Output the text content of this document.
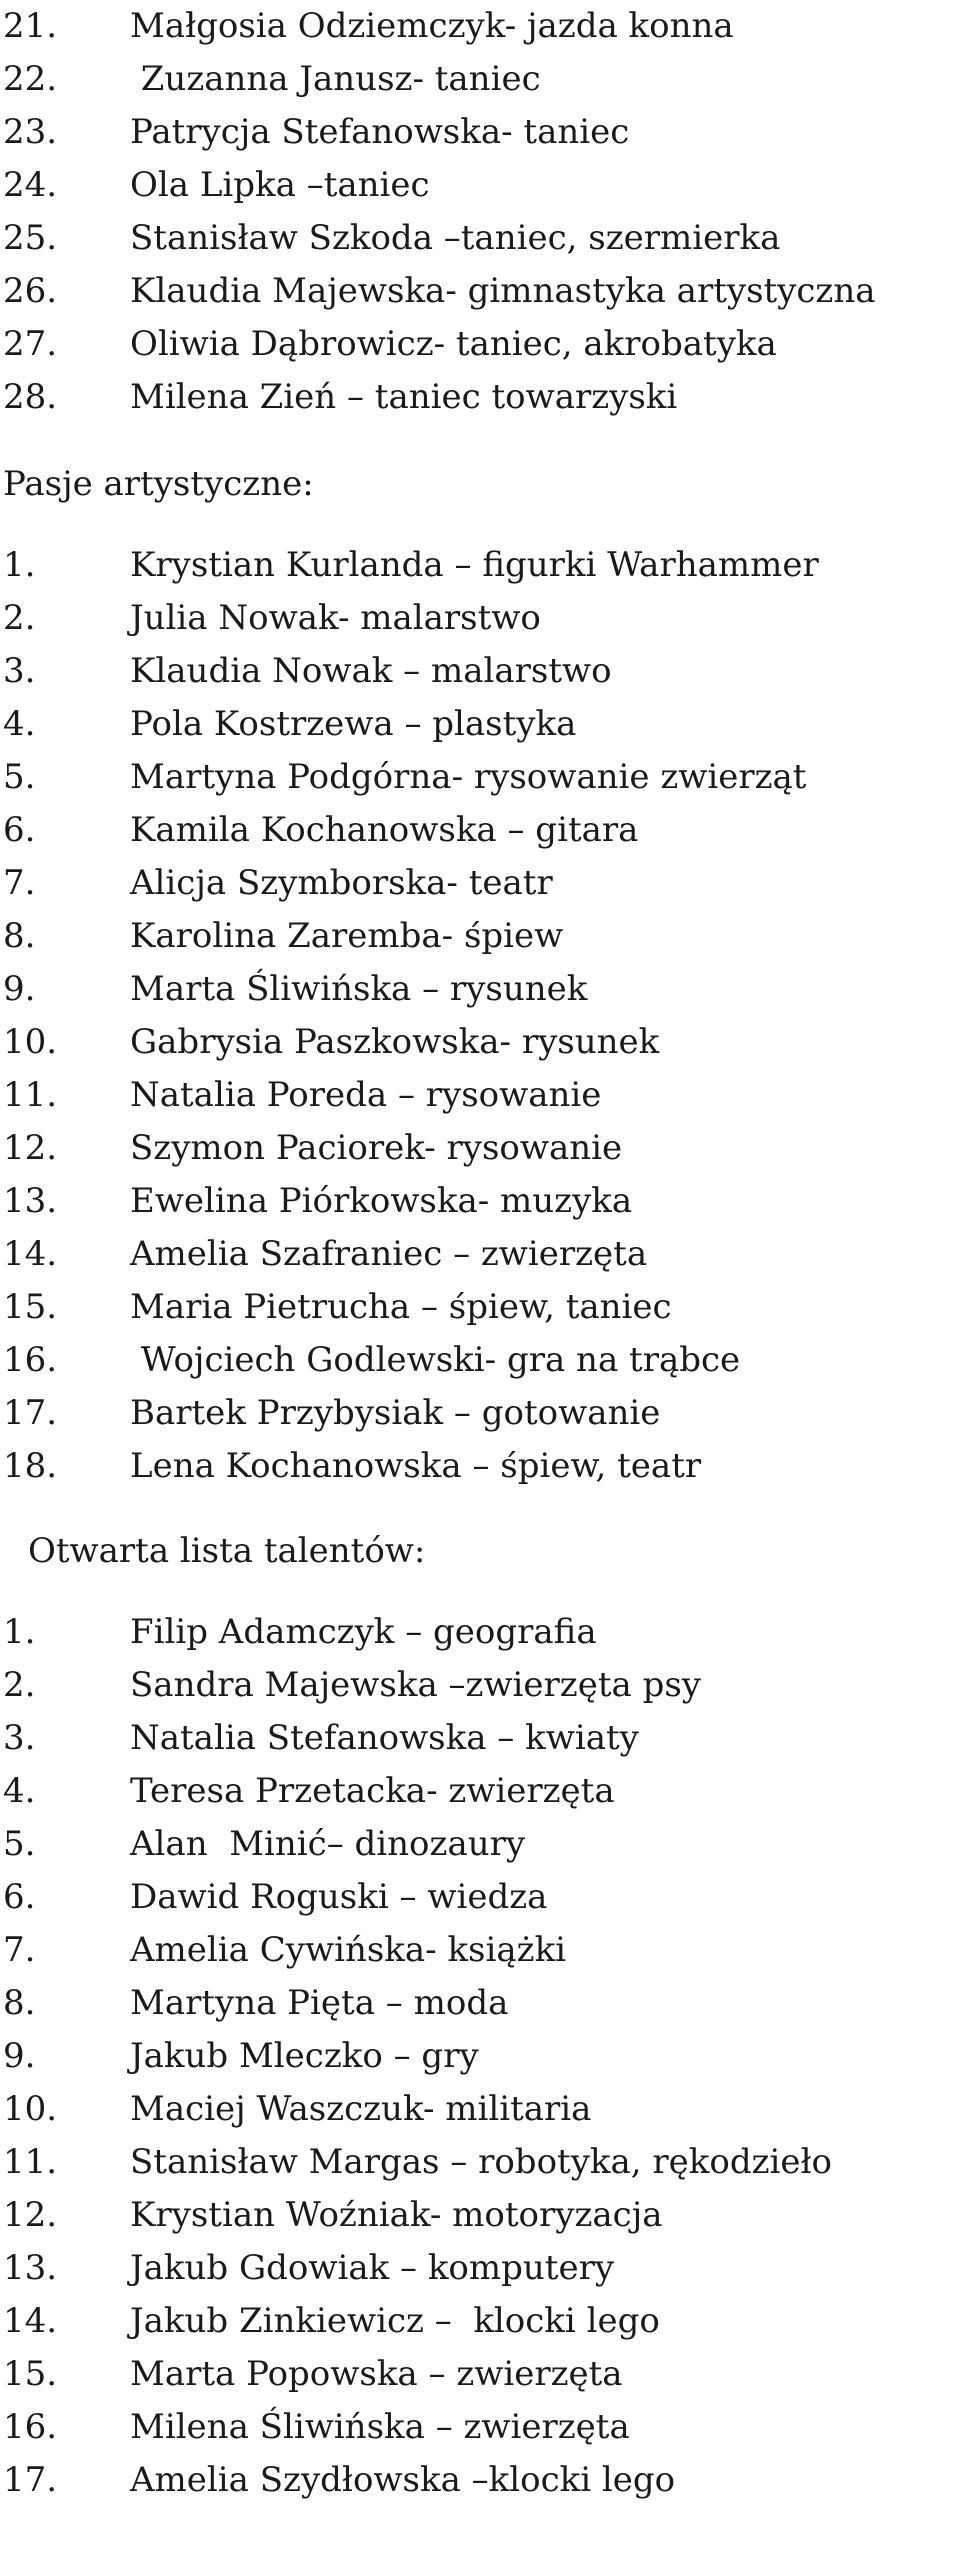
21.	Małgosia Odziemczyk- jazda konna
22.	Zuzanna Janusz- taniec
23.	Patrycja Stefanowska- taniec
24.	Ola Lipka –taniec
25.	Stanisław Szkoda –taniec, szermierka
26.	Klaudia Majewska- gimnastyka artystyczna
27.	Oliwia Dąbrowicz- taniec, akrobatyka
28.	Milena Zień – taniec towarzyski
Pasje artystyczne:
1.	Krystian Kurlanda – figurki Warhammer
2.	Julia Nowak- malarstwo
3.	Klaudia Nowak – malarstwo
4.	Pola Kostrzewa – plastyka
5.	Martyna Podgórna- rysowanie zwierząt
6.	Kamila Kochanowska – gitara
7.	Alicja Szymborska- teatr
8.	Karolina Zaremba- śpiew
9.	Marta Śliwińska – rysunek
10.	Gabrysia Paszkowska- rysunek
11.	Natalia Poreda – rysowanie
12.	Szymon Paciorek- rysowanie
13.	Ewelina Piórkowska- muzyka
14.	Amelia Szafraniec – zwierzęta
15.	Maria Pietrucha – śpiew, taniec
16.	Wojciech Godlewski- gra na trąbce
17.	Bartek Przybysiak – gotowanie
18.	Lena Kochanowska – śpiew, teatr
Otwarta lista talentów:
1.	Filip Adamczyk – geografia
2.	Sandra Majewska –zwierzęta psy
3.	Natalia Stefanowska – kwiaty
4.	Teresa Przetacka- zwierzęta
5.	Alan  Minić– dinozaury
6.	Dawid Roguski – wiedza
7.	Amelia Cywińska- książki
8.	Martyna Pięta – moda
9.	Jakub Mleczko – gry
10.	Maciej Waszczuk- militaria
11.	Stanisław Margas – robotyka, rękodzieło
12.	Krystian Woźniak- motoryzacja
13.	Jakub Gdowiak – komputery
14.	Jakub Zinkiewicz –  klocki lego
15.	Marta Popowska – zwierzęta
16.	Milena Śliwińska – zwierzęta
17.	Amelia Szydłowska –klocki lego
